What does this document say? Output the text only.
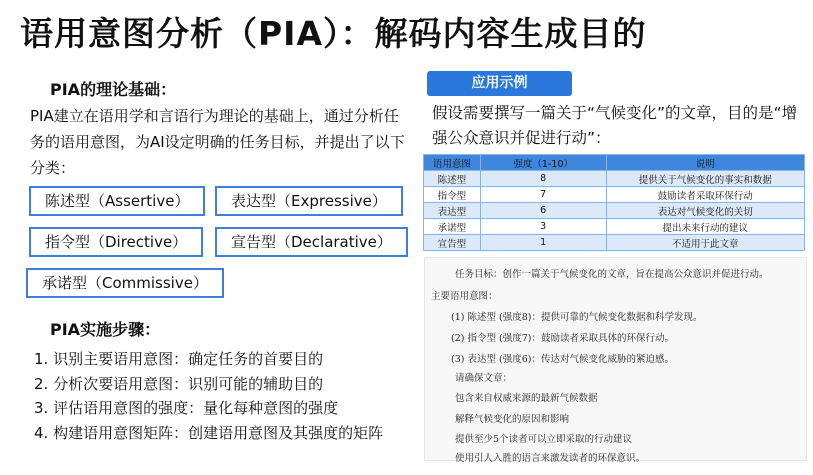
语用意图分析（PIA）：解码内容生成目的
PIA的理论基础：
PIA建立在语用学和言语行为理论的基础上，通过分析任务的语用意图，为AI设定明确的任务目标，并提出了以下分类：
陈述型（Assertive）	表达型（Expressive）
指令型（Directive）	宣告型（Declarative）
承诺型（Commissive）
PIA实施步骤：
1. 识别主要语用意图：确定任务的首要目的
2. 分析次要语用意图：识别可能的辅助目的
3. 评估语用意图的强度：量化每种意图的强度
4. 构建语用意图矩阵：创建语用意图及其强度的矩阵
应用示例
假设需要撰写一篇关于“气候变化”的文章，目的是“增强公众意识并促进行动”：
语用意图	强度（1-10）	说明
陈述型	8	提供关于气候变化的事实和数据
指令型	7	鼓励读者采取环保行动
表达型	6	表达对气候变化的关切
承诺型	3	提出未来行动的建议
宣告型	1	不适用于此文章
任务目标：创作一篇关于气候变化的文章，旨在提高公众意识并促进行动。
主要语用意图：
(1) 陈述型 (强度8)：提供可靠的气候变化数据和科学发现。
(2) 指令型 (强度7)：鼓励读者采取具体的环保行动。
(3) 表达型 (强度6)：传达对气候变化威胁的紧迫感。
请确保文章：
包含来自权威来源的最新气候数据
解释气候变化的原因和影响
提供至少5个读者可以立即采取的行动建议
使用引人入胜的语言来激发读者的环保意识。
